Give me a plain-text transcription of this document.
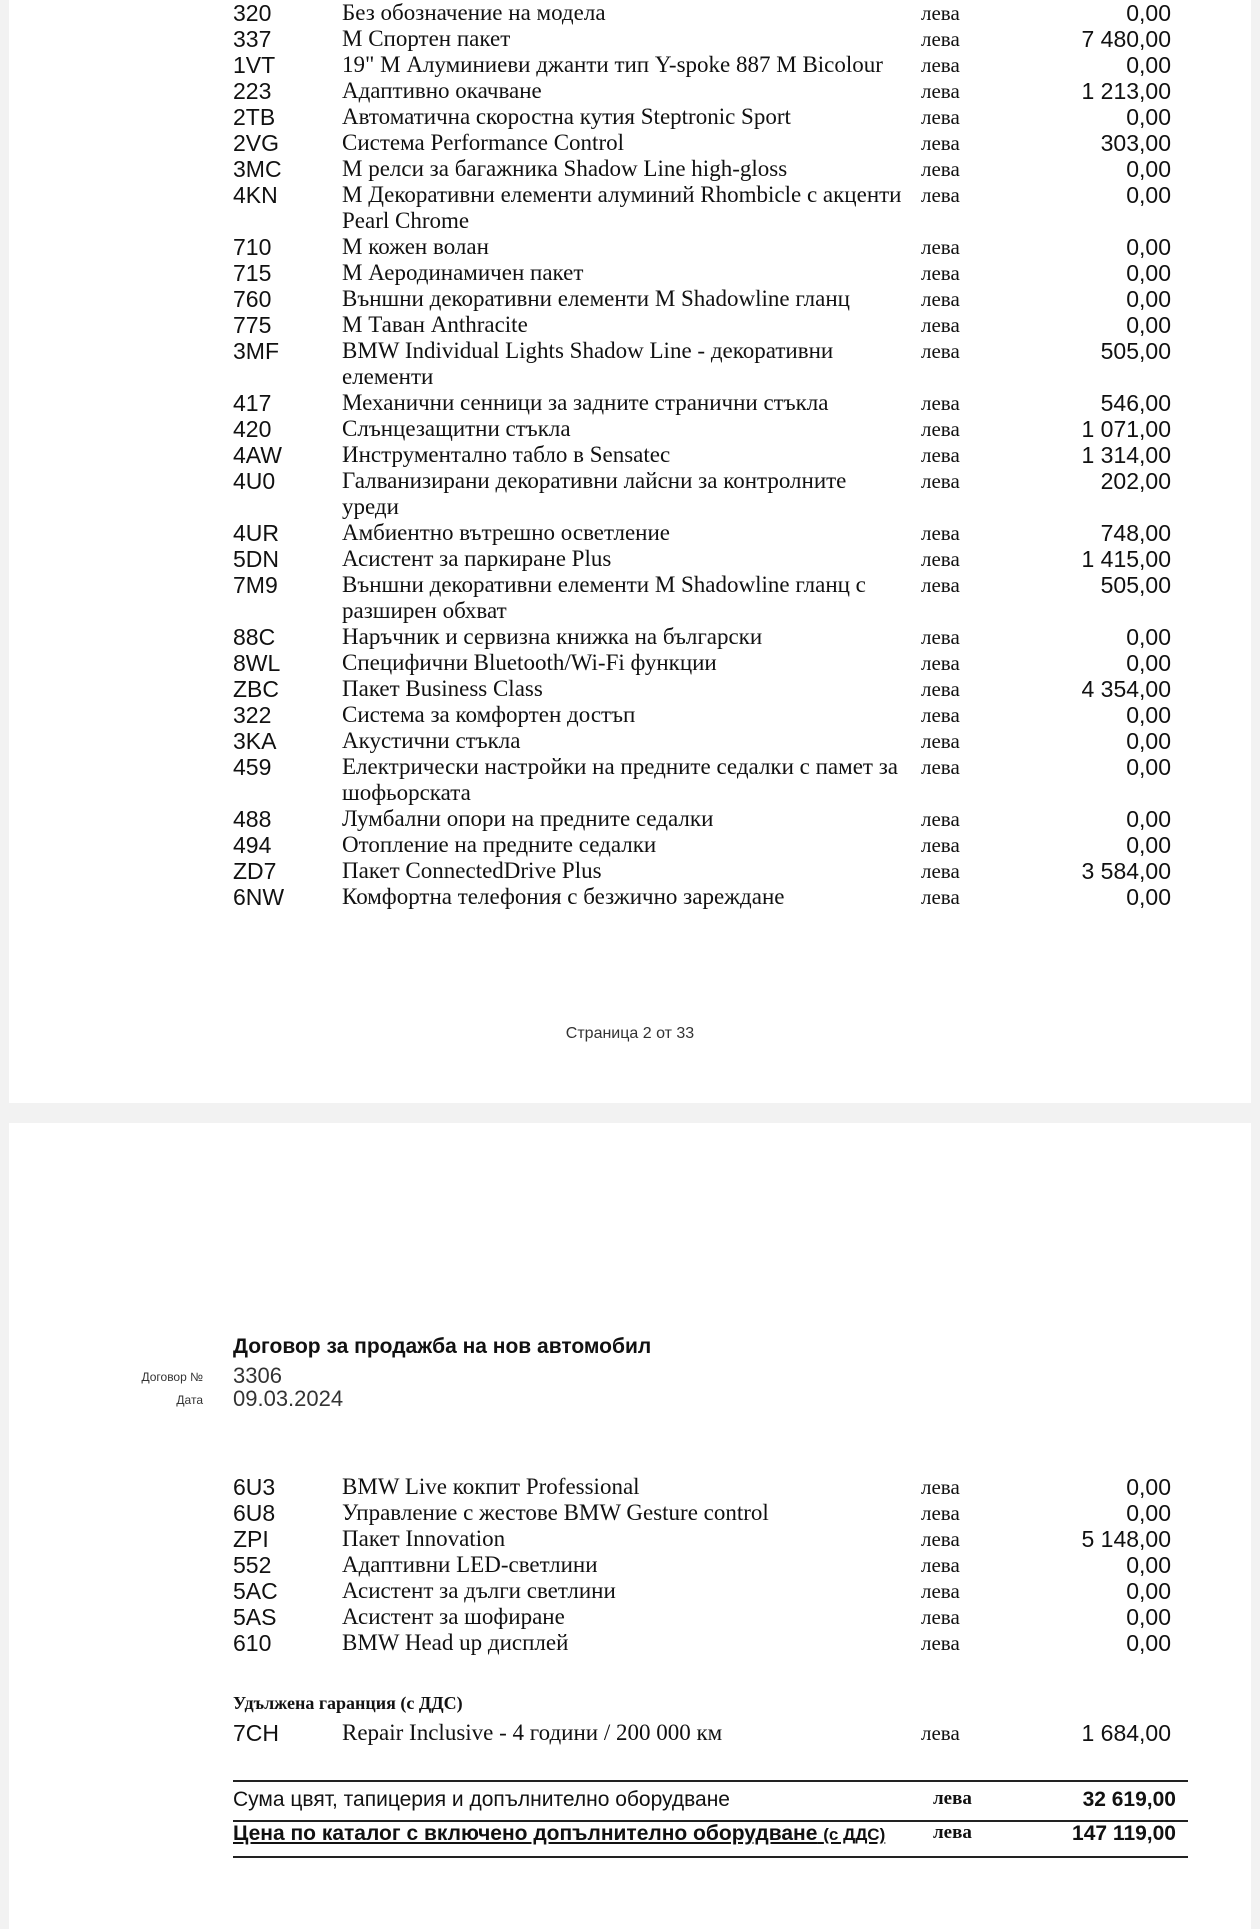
320	Без обозначение на модела	лева	0,00
337	М Спортен пакет	лева	7 480,00
1VT	19" M Алуминиеви джанти тип Y-spoke 887 M Bicolour	лева	0,00
223	Адаптивно окачване	лева	1 213,00
2TB	Автоматична скоростна кутия Steptronic Sport	лева	0,00
2VG	Система Performance Control	лева	303,00
3MC	М релси за багажника Shadow Line high-gloss	лева	0,00
4KN	М Декоративни елементи алуминий Rhombicle с акценти Pearl Chrome
лева	0,00
710	М кожен волан	лева	0,00
715	М Аеродинамичен пакет	лева	0,00
760	Външни декоративни елементи M Shadowline гланц	лева	0,00
775	М Таван Anthracite	лева	0,00
3MF	BMW Individual Lights Shadow Line - декоративни елементи
лева	505,00
417	Механични сенници за задните странични стъкла	лева	546,00
420	Слънцезащитни стъкла	лева	1 071,00
4AW	Инструментално табло в Sensatec	лева	1 314,00
4U0	Галванизирани декоративни лайсни за контролните уреди
лева	202,00
4UR	Амбиентно вътрешно осветление	лева	748,00
5DN	Асистент за паркиране Plus	лева	1 415,00
7M9	Външни декоративни елементи M Shadowline гланц с разширен обхват
лева	505,00
88C	Наръчник и сервизна книжка на български	лева	0,00
8WL	Специфични Bluetooth/Wi-Fi функции	лева	0,00
ZBC	Пакет Business Class	лева	4 354,00
322	Система за комфортен достъп	лева	0,00
3KA	Акустични стъкла	лева	0,00
459	Електрически настройки на предните седалки с памет за шофьорската
лева	0,00
488	Лумбални опори на предните седалки	лева	0,00
494	Отопление на предните седалки	лева	0,00
ZD7	Пакет ConnectedDrive Plus	лева	3 584,00
6NW	Комфортна телефония с безжично зареждане	лева	0,00
Страница 2 от 33
Договор за продажба на нов автомобил
Договор № 3306
Дата 09.03.2024
6U3	BMW Live кокпит Professional	лева	0,00
6U8	Управление с жестове BMW Gesture control	лева	0,00
ZPI	Пакет Innovation	лева	5 148,00
552	Адаптивни LED-светлини	лева	0,00
5AC	Асистент за дълги светлини	лева	0,00
5AS	Асистент за шофиране	лева	0,00
610	BMW Head up дисплей	лева	0,00
Удължена гаранция (с ДДС)
7CH	Repair Inclusive - 4 години / 200 000 км	лева	1 684,00
Сума цвят, тапицерия и допълнително оборудване	лева	32 619,00
Цена по каталог с включено допълнително оборудване (с ДДС)	лева	147 119,00
